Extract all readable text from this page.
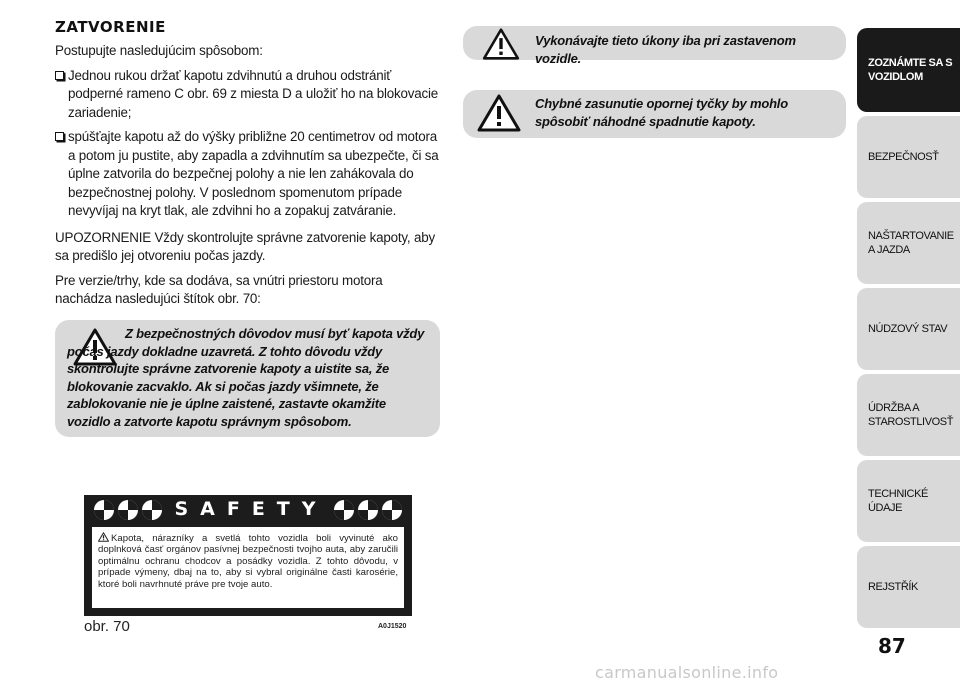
ZATVORENIE

Postupujte nasledujúcim spôsobom:

Jednou rukou držať kapotu zdvihnutú a druhou odstrániť podperné rameno C obr. 69 z miesta D a uložiť ho na blokovacie zariadenie;
spúšťajte kapotu až do výšky približne 20 centimetrov od motora a potom ju pustite, aby zapadla a zdvihnutím sa ubezpečte, či sa úplne zatvorila do bezpečnej polohy a nie len zahákovala do bezpečnostnej polohy. V poslednom spomenutom prípade nevyvíjaj na kryt tlak, ale zdvihni ho a zopakuj zatváranie.

UPOZORNENIE Vždy skontrolujte správne zatvorenie kapoty, aby sa predišlo jej otvoreniu počas jazdy.

Pre verzie/trhy, kde sa dodáva, sa vnútri priestoru motora nachádza nasledujúci štítok obr. 70:

Z bezpečnostných dôvodov musí byť kapota vždy počas jazdy dokladne uzavretá. Z tohto dôvodu vždy skontrolujte správne zatvorenie kapoty a uistite sa, že blokovanie zacvaklo. Ak si počas jazdy všimnete, že zablokovanie nie je úplne zaistené, zastavte okamžite vozidlo a zatvorte kapotu správnym spôsobom.
Vykonávajte tieto úkony iba pri zastavenom vozidle.
Chybné zasunutie opornej tyčky by mohlo spôsobiť náhodné spadnutie kapoty.
SAFETY
Kapota, nárazníky a svetlá tohto vozidla boli vyvinuté ako doplnková časť orgánov pasívnej bezpečnosti tvojho auta, aby zaručili optimálnu ochranu chodcov a posádky vozidla. Z tohto dôvodu, v prípade výmeny, dbaj na to, aby si vybral originálne časti karosérie, ktoré boli navrhnuté práve pre tvoje auto.
obr. 70	A0J1520
ZOZNÁMTE SA S VOZIDLOM
BEZPEČNOSŤ
NAŠTARTOVANIE A JAZDA
NÚDZOVÝ STAV
ÚDRŽBA A STAROSTLIVOSŤ
TECHNICKÉ ÚDAJE
REJSTŘÍK
87
carmanualsonline.info
